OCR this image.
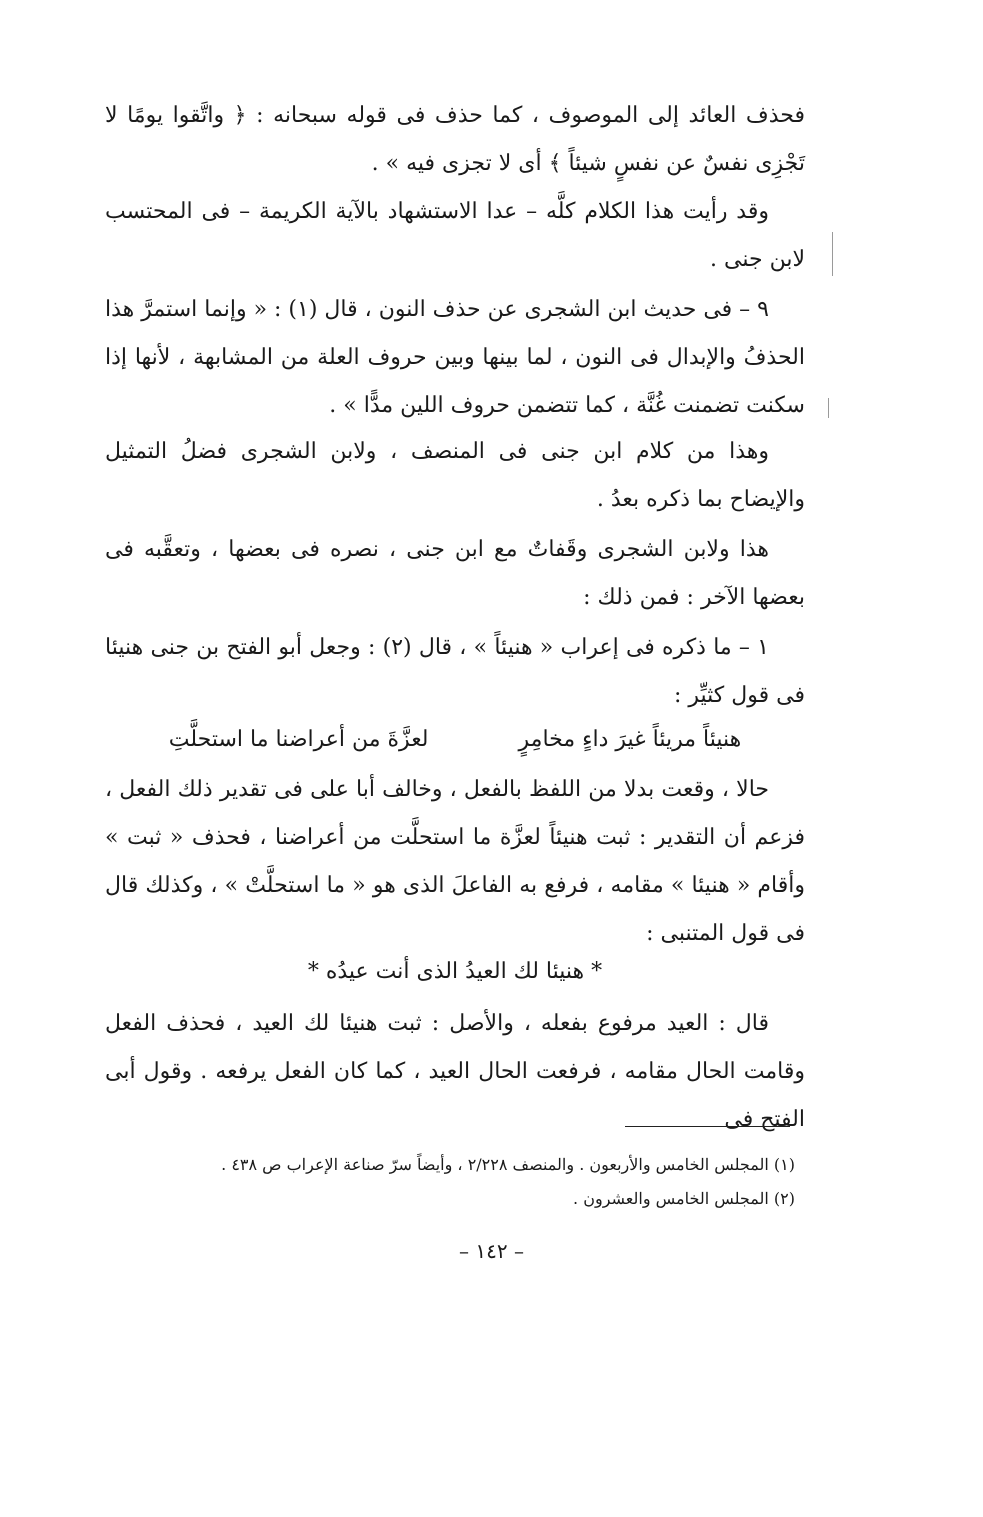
فحذف العائد إلى الموصوف ، كما حذف فى قوله سبحانه : ﴿ واتَّقوا يومًا لا تَجْزِى نفسٌ عن نفسٍ شيئاً ﴾ أى لا تجزى فيه » .

وقد رأيت هذا الكلام كلَّه – عدا الاستشهاد بالآية الكريمة – فى المحتسب لابن جنى .

٩ – فى حديث ابن الشجرى عن حذف النون ، قال (١) : « وإنما استمرَّ هذا الحذفُ والإبدال فى النون ، لما بينها وبين حروف العلة من المشابهة ، لأنها إذا سكنت تضمنت غُنَّة ، كما تتضمن حروف اللين مدًّا » .

وهذا من كلام ابن جنى فى المنصف ، ولابن الشجرى فضلُ التمثيل والإيضاح بما ذكره بعدُ .

هذا ولابن الشجرى وقَفاتٌ مع ابن جنى ، نصره فى بعضها ، وتعقَّبه فى بعضها الآخر : فمن ذلك :

١ – ما ذكره فى إعراب « هنيئاً » ، قال (٢) : وجعل أبو الفتح بن جنى هنيئا فى قول كثيِّر :

هنيئاً مريئاً غيرَ داءٍ مخامِرٍ
لعزَّةَ من أعراضنا ما استحلَّتِ

حالا ، وقعت بدلا من اللفظ بالفعل ، وخالف أبا على فى تقدير ذلك الفعل ، فزعم أن التقدير : ثبت هنيئاً لعزَّة ما استحلَّت من أعراضنا ، فحذف « ثبت » وأقام « هنيئا » مقامه ، فرفع به الفاعلَ الذى هو « ما استحلَّتْ » ، وكذلك قال فى قول المتنبى :

* هنيئا لك العيدُ الذى أنت عيدُه *

قال : العيد مرفوع بفعله ، والأصل : ثبت هنيئا لك العيد ، فحذف الفعل وقامت الحال مقامه ، فرفعت الحال العيد ، كما كان الفعل يرفعه . وقول أبى الفتح فى

(١) المجلس الخامس والأربعون . والمنصف ٢/٢٢٨ ، وأيضاً سرّ صناعة الإعراب ص ٤٣٨ .

(٢) المجلس الخامس والعشرون .

– ١٤٢ –
